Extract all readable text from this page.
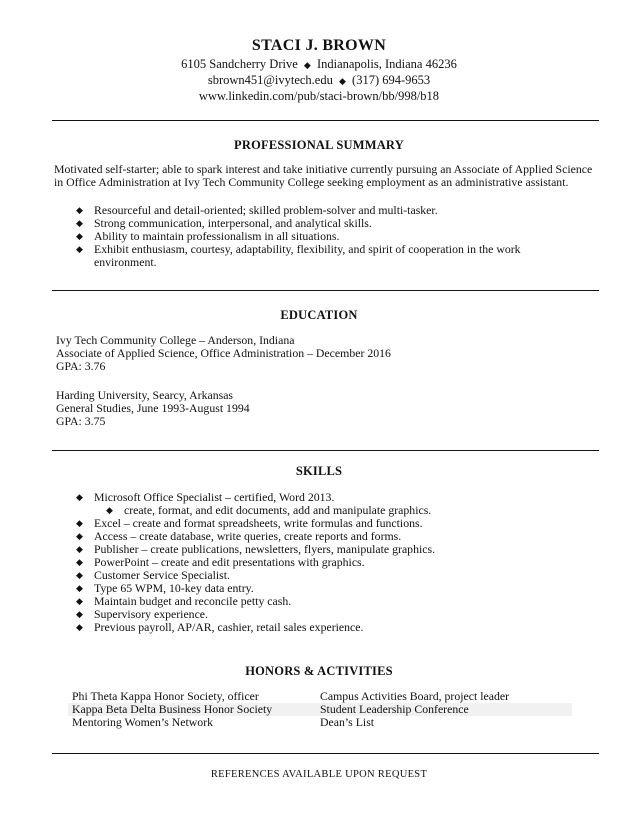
STACI J. BROWN
6105 Sandcherry Drive ◆ Indianapolis, Indiana 46236
sbrown451@ivytech.edu ◆ (317) 694-9653
www.linkedin.com/pub/staci-brown/bb/998/b18
PROFESSIONAL SUMMARY
Motivated self-starter; able to spark interest and take initiative currently pursuing an Associate of Applied Science in Office Administration at Ivy Tech Community College seeking employment as an administrative assistant.
◆ Resourceful and detail-oriented; skilled problem-solver and multi-tasker.
◆ Strong communication, interpersonal, and analytical skills.
◆ Ability to maintain professionalism in all situations.
◆ Exhibit enthusiasm, courtesy, adaptability, flexibility, and spirit of cooperation in the work environment.
EDUCATION
Ivy Tech Community College – Anderson, Indiana
Associate of Applied Science, Office Administration – December 2016
GPA: 3.76
Harding University, Searcy, Arkansas
General Studies, June 1993-August 1994
GPA: 3.75
SKILLS
◆ Microsoft Office Specialist – certified, Word 2013.
◆ create, format, and edit documents, add and manipulate graphics.
◆ Excel – create and format spreadsheets, write formulas and functions.
◆ Access – create database, write queries, create reports and forms.
◆ Publisher – create publications, newsletters, flyers, manipulate graphics.
◆ PowerPoint – create and edit presentations with graphics.
◆ Customer Service Specialist.
◆ Type 65 WPM, 10-key data entry.
◆ Maintain budget and reconcile petty cash.
◆ Supervisory experience.
◆ Previous payroll, AP/AR, cashier, retail sales experience.
HONORS & ACTIVITIES
Phi Theta Kappa Honor Society, officer	Campus Activities Board, project leader
Kappa Beta Delta Business Honor Society	Student Leadership Conference
Mentoring Women’s Network	Dean’s List
REFERENCES AVAILABLE UPON REQUEST
